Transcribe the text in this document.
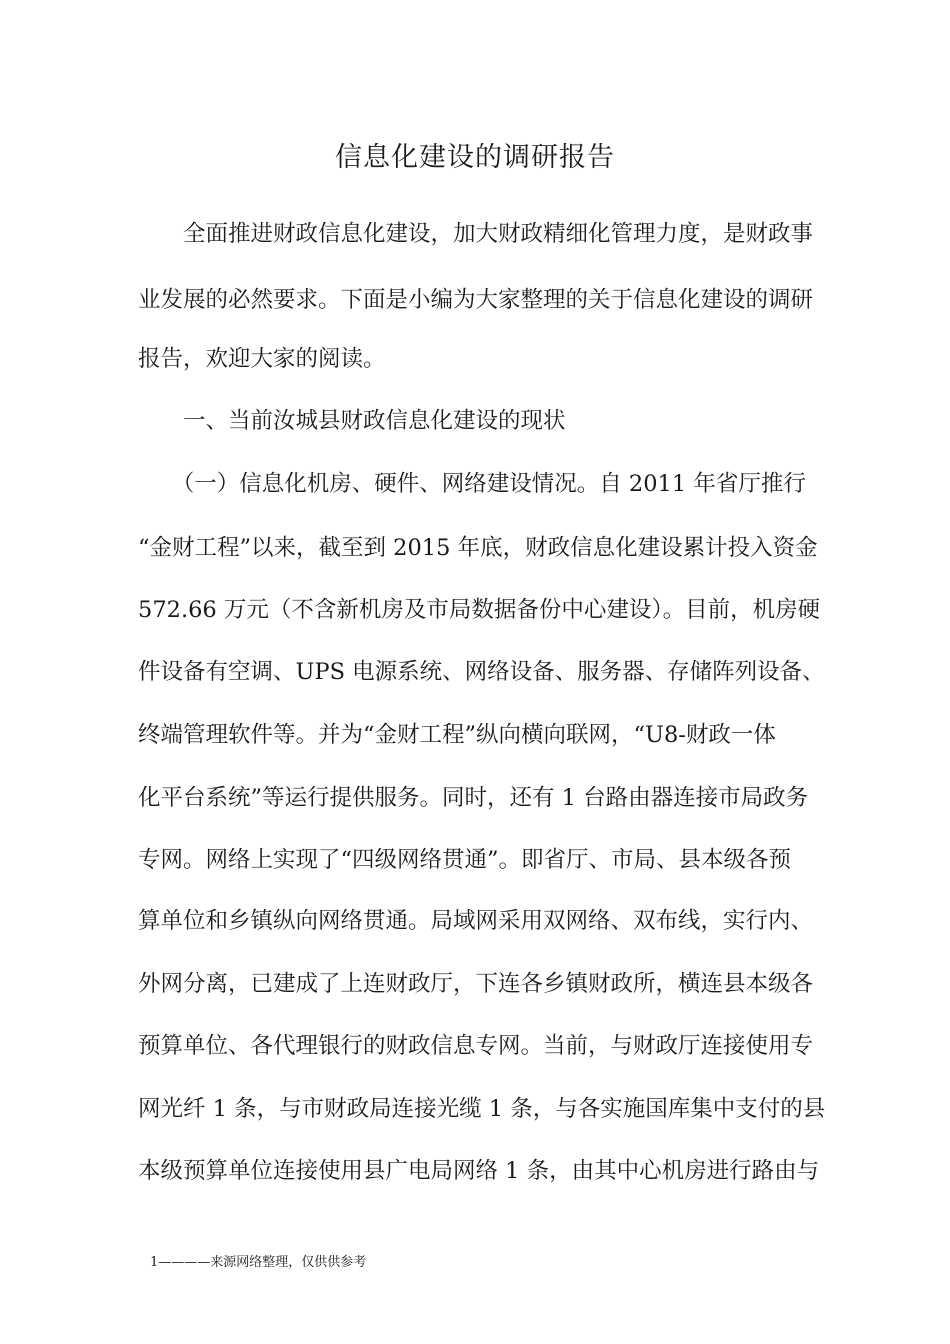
信息化建设的调研报告
　　全面推进财政信息化建设，加大财政精细化管理力度，是财政事
业发展的必然要求。下面是小编为大家整理的关于信息化建设的调研
报告，欢迎大家的阅读。
　　一、当前汝城县财政信息化建设的现状
　　（一）信息化机房、硬件、网络建设情况。自 2011 年省厅推行
“金财工程”以来，截至到 2015 年底，财政信息化建设累计投入资金
572.66 万元（不含新机房及市局数据备份中心建设）。目前，机房硬
件设备有空调、UPS 电源系统、网络设备、服务器、存储阵列设备、
终端管理软件等。并为“金财工程”纵向横向联网，“U8-财政一体
化平台系统”等运行提供服务。同时，还有 1 台路由器连接市局政务
专网。网络上实现了“四级网络贯通”。即省厅、市局、县本级各预
算单位和乡镇纵向网络贯通。局域网采用双网络、双布线，实行内、
外网分离，已建成了上连财政厅，下连各乡镇财政所，横连县本级各
预算单位、各代理银行的财政信息专网。当前，与财政厅连接使用专
网光纤 1 条，与市财政局连接光缆 1 条，与各实施国库集中支付的县
本级预算单位连接使用县广电局网络 1 条，由其中心机房进行路由与
1————来源网络整理，仅供供参考
